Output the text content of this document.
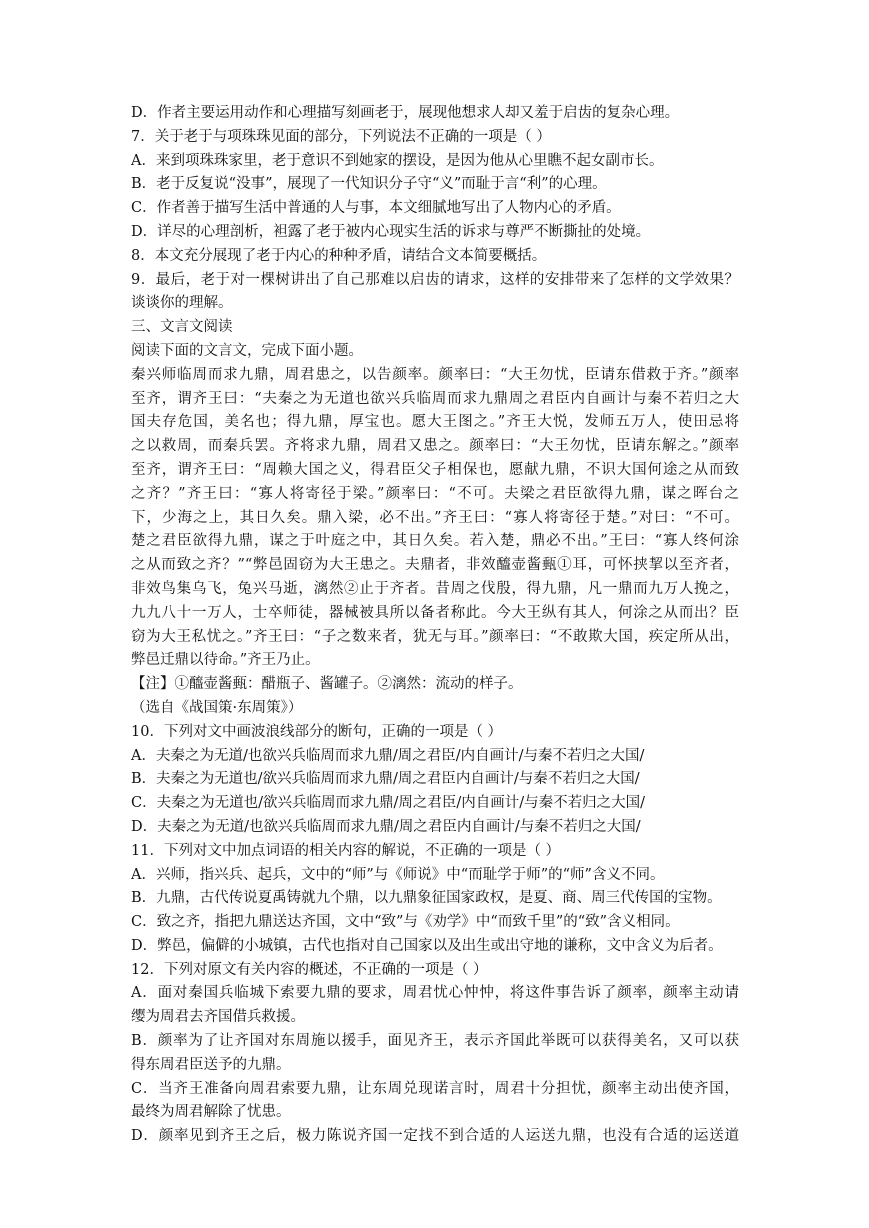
D．作者主要运用动作和心理描写刻画老于，展现他想求人却又羞于启齿的复杂心理。
7．关于老于与项珠珠见面的部分，下列说法不正确的一项是（ ）
A．来到项珠珠家里，老于意识不到她家的摆设，是因为他从心里瞧不起女副市长。
B．老于反复说“没事”，展现了一代知识分子守“义”而耻于言“利”的心理。
C．作者善于描写生活中普通的人与事，本文细腻地写出了人物内心的矛盾。
D．详尽的心理剖析，袒露了老于被内心现实生活的诉求与尊严不断撕扯的处境。
8．本文充分展现了老于内心的种种矛盾，请结合文本简要概括。
9．最后，老于对一棵树讲出了自己那难以启齿的请求，这样的安排带来了怎样的文学效果？
谈谈你的理解。
三、文言文阅读
阅读下面的文言文，完成下面小题。
秦兴师临周而求九鼎，周君患之，以告颜率。颜率曰：“大王勿忧，臣请东借救于齐。”颜率
至齐，谓齐王曰：“夫秦之为无道也欲兴兵临周而求九鼎周之君臣内自画计与秦不若归之大
国夫存危国，美名也；得九鼎，厚宝也。愿大王图之。”齐王大悦，发师五万人，使田忌将
之以救周，而秦兵罢。齐将求九鼎，周君又患之。颜率曰：“大王勿忧，臣请东解之。”颜率
至齐，谓齐王曰：“周赖大国之义，得君臣父子相保也，愿献九鼎，不识大国何途之从而致
之齐？”齐王曰：“寡人将寄径于梁。”颜率曰：“不可。夫梁之君臣欲得九鼎，谋之晖台之
下，少海之上，其日久矣。鼎入梁，必不出。”齐王曰：“寡人将寄径于楚。”对曰：“不可。
楚之君臣欲得九鼎，谋之于叶庭之中，其日久矣。若入楚，鼎必不出。”王曰：“寡人终何涂
之从而致之齐？”“弊邑固窃为大王患之。夫鼎者，非效醯壶酱甀①耳，可怀挟挈以至齐者，
非效鸟集乌飞，兔兴马逝，漓然②止于齐者。昔周之伐殷，得九鼎，凡一鼎而九万人挽之，
九九八十一万人，士卒师徒，器械被具所以备者称此。今大王纵有其人，何涂之从而出？臣
窃为大王私忧之。”齐王曰：“子之数来者，犹无与耳。”颜率曰：“不敢欺大国，疾定所从出，
弊邑迁鼎以待命。”齐王乃止。
【注】①醯壶酱甀：醋瓶子、酱罐子。②漓然：流动的样子。
（选自《战国策·东周策》）
10．下列对文中画波浪线部分的断句，正确的一项是（ ）
A．夫秦之为无道/也欲兴兵临周而求九鼎/周之君臣/内自画计/与秦不若归之大国/
B．夫秦之为无道也/欲兴兵临周而求九鼎/周之君臣内自画计/与秦不若归之大国/
C．夫秦之为无道也/欲兴兵临周而求九鼎/周之君臣/内自画计/与秦不若归之大国/
D．夫秦之为无道/也欲兴兵临周而求九鼎/周之君臣内自画计/与秦不若归之大国/
11．下列对文中加点词语的相关内容的解说，不正确的一项是（ ）
A．兴师，指兴兵、起兵，文中的“师”与《师说》中“而耻学于师”的“师”含义不同。
B．九鼎，古代传说夏禹铸就九个鼎，以九鼎象征国家政权，是夏、商、周三代传国的宝物。
C．致之齐，指把九鼎送达齐国，文中“致”与《劝学》中“而致千里”的“致”含义相同。
D．弊邑，偏僻的小城镇，古代也指对自己国家以及出生或出守地的谦称，文中含义为后者。
12．下列对原文有关内容的概述，不正确的一项是（ ）
A．面对秦国兵临城下索要九鼎的要求，周君忧心忡忡，将这件事告诉了颜率，颜率主动请
缨为周君去齐国借兵救援。
B．颜率为了让齐国对东周施以援手，面见齐王，表示齐国此举既可以获得美名，又可以获
得东周君臣送予的九鼎。
C．当齐王准备向周君索要九鼎，让东周兑现诺言时，周君十分担忧，颜率主动出使齐国，
最终为周君解除了忧患。
D．颜率见到齐王之后，极力陈说齐国一定找不到合适的人运送九鼎，也没有合适的运送道
